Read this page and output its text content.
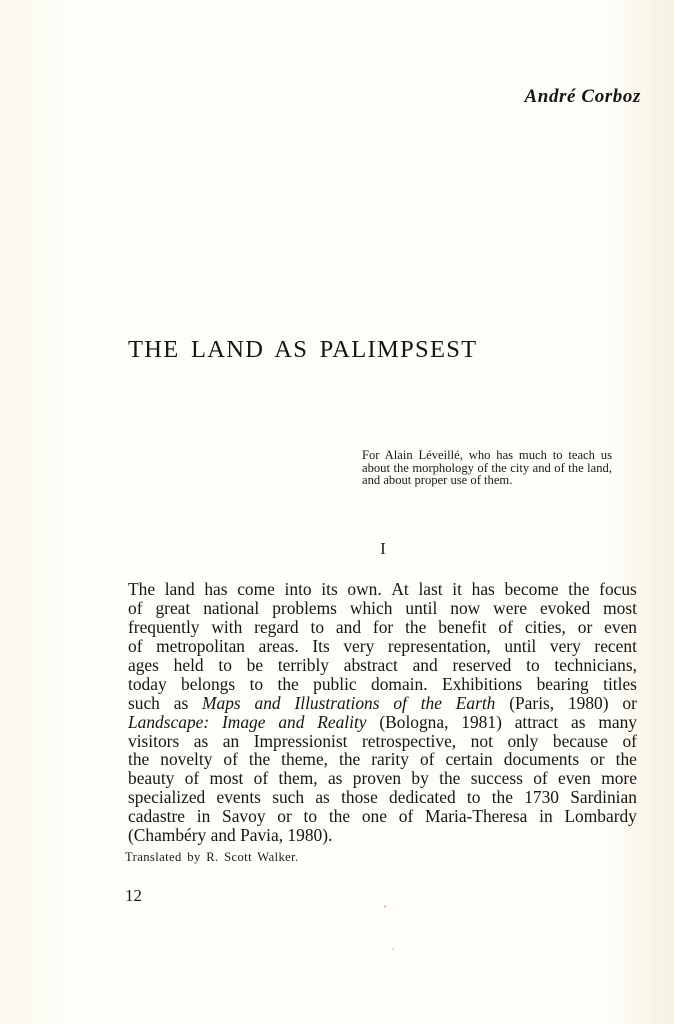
André Corboz
THE LAND AS PALIMPSEST
For Alain Léveillé, who has much to teach us about the morphology of the city and of the land, and about proper use of them.
I
The land has come into its own. At last it has become the focus
of great national problems which until now were evoked most
frequently with regard to and for the benefit of cities, or even
of metropolitan areas. Its very representation, until very recent
ages held to be terribly abstract and reserved to technicians,
today belongs to the public domain. Exhibitions bearing titles
such as Maps and Illustrations of the Earth (Paris, 1980) or
Landscape: Image and Reality (Bologna, 1981) attract as many
visitors as an Impressionist retrospective, not only because of
the novelty of the theme, the rarity of certain documents or the
beauty of most of them, as proven by the success of even more
specialized events such as those dedicated to the 1730 Sardinian
cadastre in Savoy or to the one of Maria-Theresa in Lombardy
(Chambéry and Pavia, 1980).
Translated by R. Scott Walker.
12
